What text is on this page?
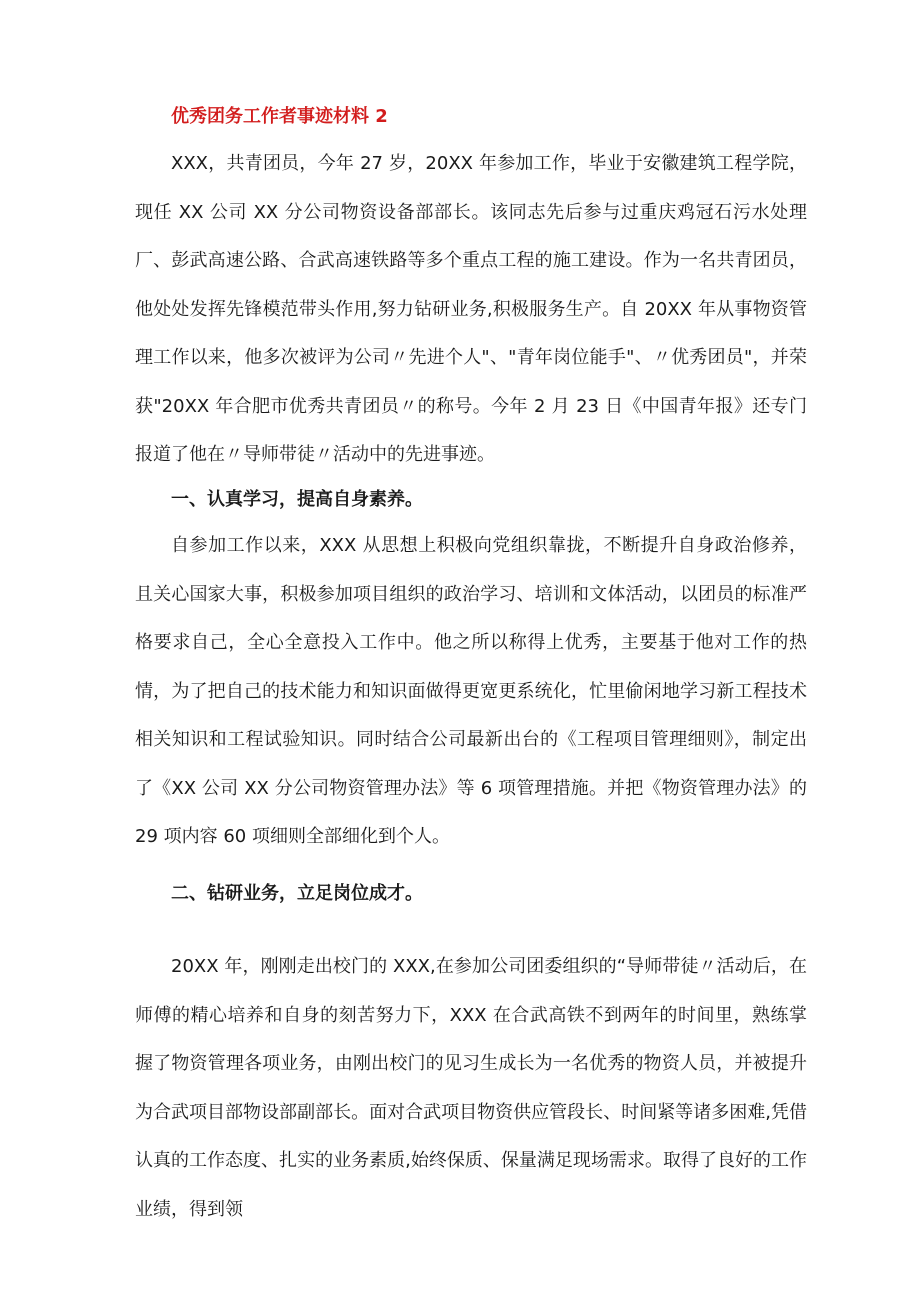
优秀团务工作者事迹材料 2

XXX，共青团员，今年 27 岁，20XX 年参加工作，毕业于安徽建筑工程学院，现任 XX 公司 XX 分公司物资设备部部长。该同志先后参与过重庆鸡冠石污水处理厂、彭武高速公路、合武高速铁路等多个重点工程的施工建设。作为一名共青团员，他处处发挥先锋模范带头作用,努力钻研业务,积极服务生产。自 20XX 年从事物资管理工作以来，他多次被评为公司〃先进个人"、"青年岗位能手"、〃优秀团员"，并荣获"20XX 年合肥市优秀共青团员〃的称号。今年 2 月 23 日《中国青年报》还专门报道了他在〃导师带徒〃活动中的先进事迹。

一、认真学习，提高自身素养。

自参加工作以来，XXX 从思想上积极向党组织靠拢，不断提升自身政治修养，且关心国家大事，积极参加项目组织的政治学习、培训和文体活动，以团员的标准严格要求自己，全心全意投入工作中。他之所以称得上优秀，主要基于他对工作的热情，为了把自己的技术能力和知识面做得更宽更系统化，忙里偷闲地学习新工程技术相关知识和工程试验知识。同时结合公司最新出台的《工程项目管理细则》，制定出了《XX 公司 XX 分公司物资管理办法》等 6 项管理措施。并把《物资管理办法》的 29 项内容 60 项细则全部细化到个人。

二、钻研业务，立足岗位成才。

20XX 年，刚刚走出校门的 XXX,在参加公司团委组织的“导师带徒〃活动后，在师傅的精心培养和自身的刻苦努力下，XXX 在合武高铁不到两年的时间里，熟练掌握了物资管理各项业务，由刚出校门的见习生成长为一名优秀的物资人员，并被提升为合武项目部物设部副部长。面对合武项目物资供应管段长、时间紧等诸多困难,凭借认真的工作态度、扎实的业务素质,始终保质、保量满足现场需求。取得了良好的工作业绩，得到领
